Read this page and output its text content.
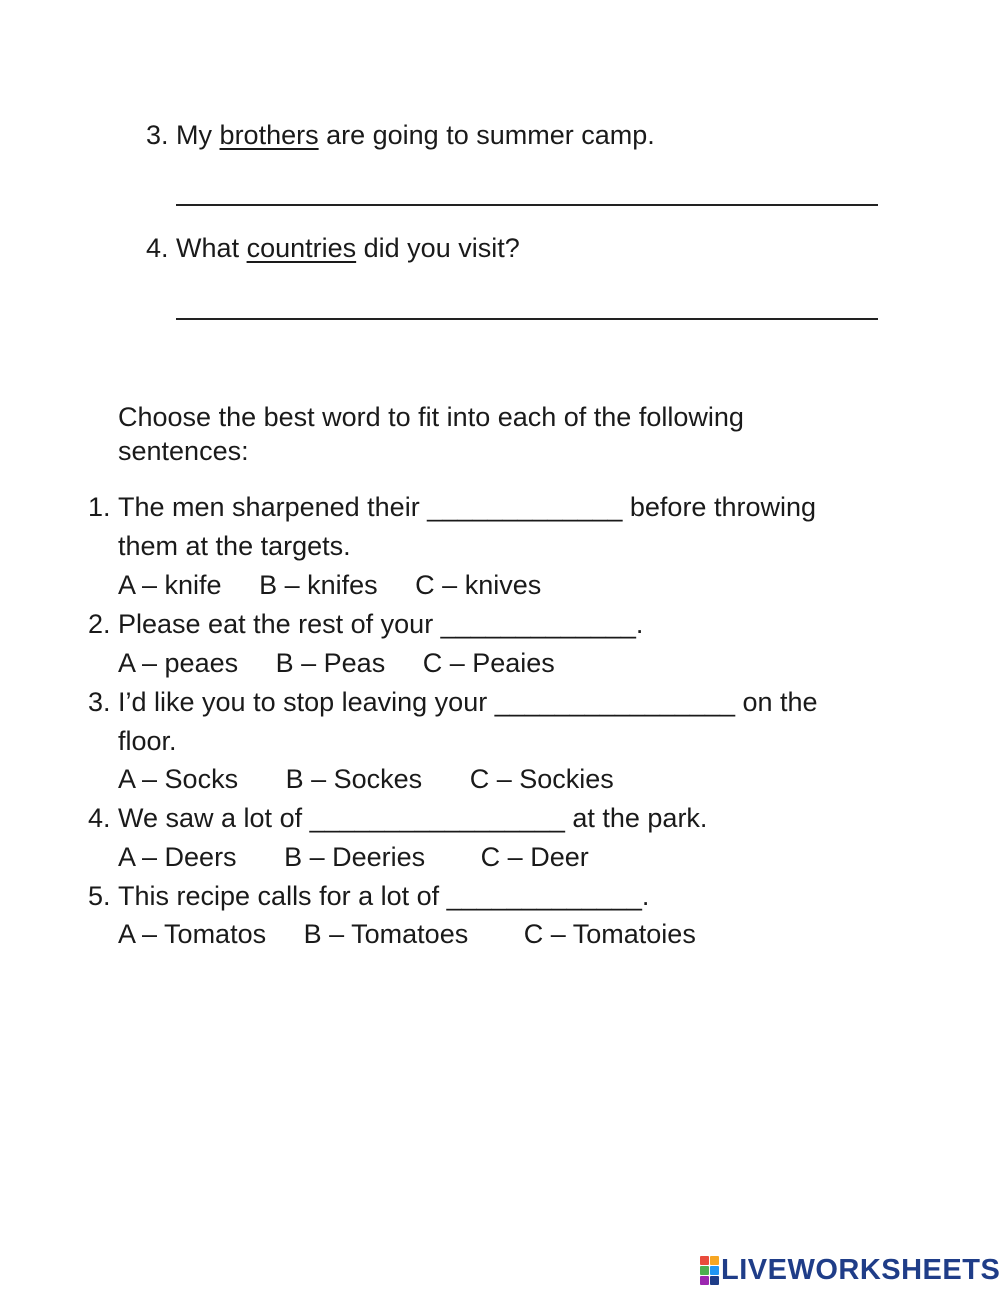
3. My brothers are going to summer camp.
4. What countries did you visit?
Choose the best word to fit into each of the following
sentences:
1. The men sharpened their _____________ before throwing
them at the targets.
A – knife B – knifes C – knives
2. Please eat the rest of your _____________.
A – peaes B – Peas C – Peaies
3. I’d like you to stop leaving your ________________ on the
floor.
A – Socks B – Sockes C – Sockies
4. We saw a lot of _________________ at the park.
A – Deers B – Deeries C – Deer
5. This recipe calls for a lot of _____________.
A – Tomatos B – Tomatoes C – Tomatoies
LIVEWORKSHEETS
